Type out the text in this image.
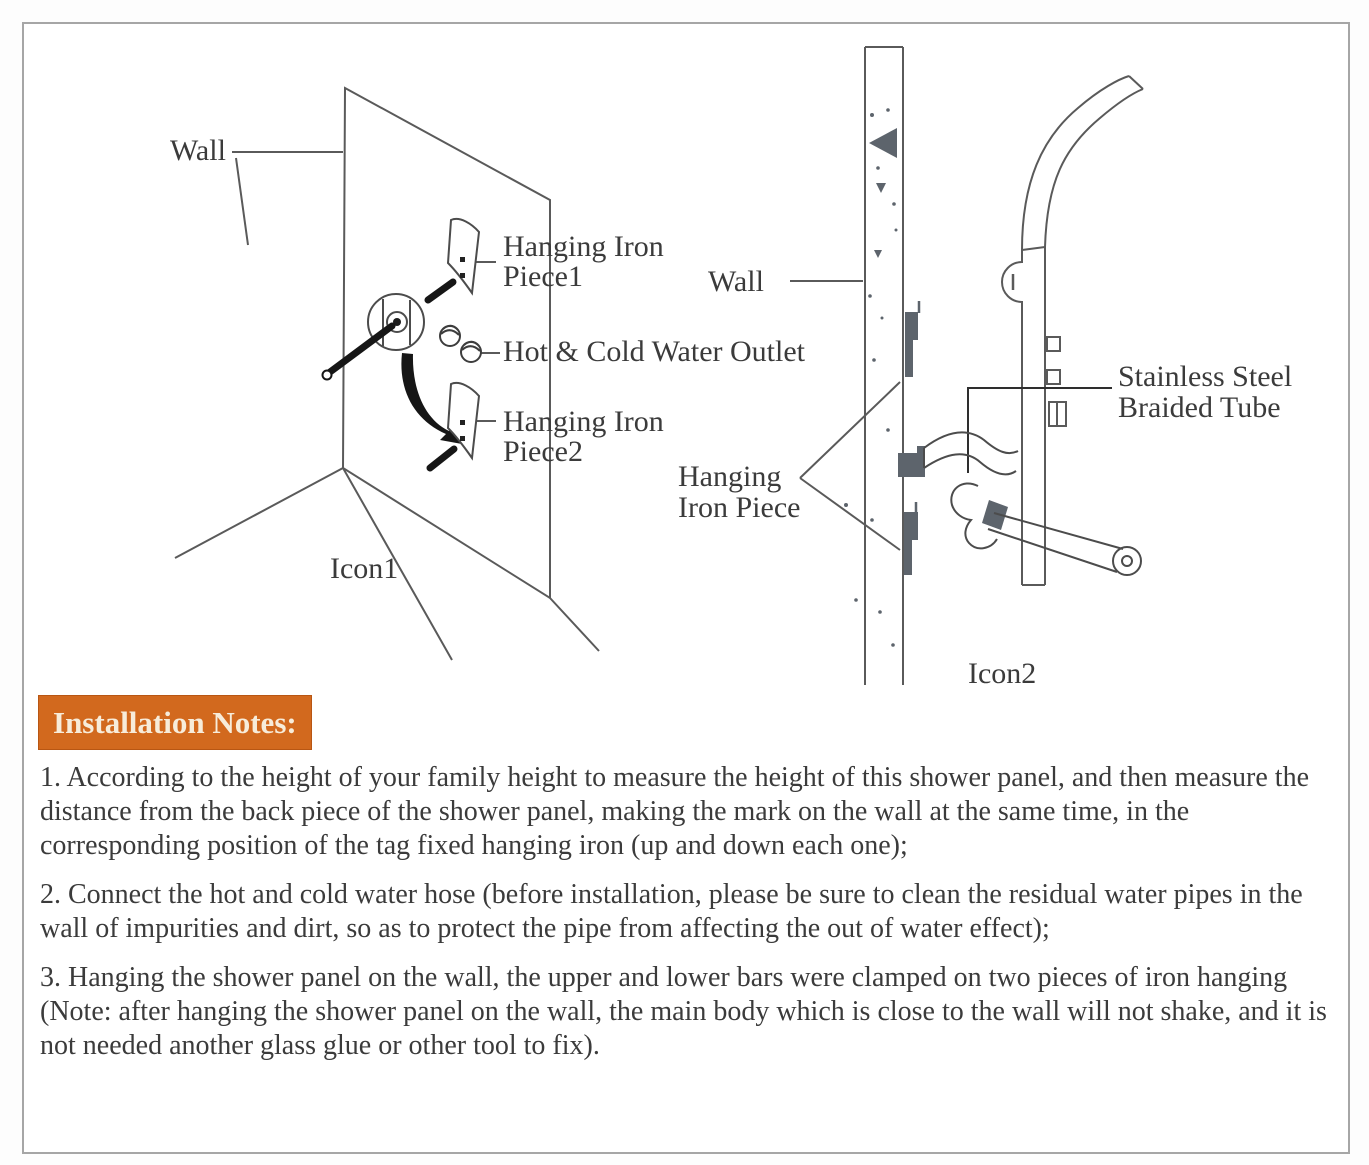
Wall
Hanging Iron
Piece1
Hot & Cold Water Outlet
Hanging Iron
Piece2
Icon1
Wall
Hanging
Iron Piece
Stainless Steel
Braided Tube
Icon2
Installation Notes:

1. According to the height of your family height to measure the height of this shower panel, and then measure the distance from the back piece of the shower panel, making the mark on the wall at the same time, in the corresponding position of the tag fixed hanging iron (up and down each one);

2. Connect the hot and cold water hose (before installation, please be sure to clean the residual water pipes in the wall of impurities and dirt, so as to protect the pipe from affecting the out of water effect);

3. Hanging the shower panel on the wall, the upper and lower bars were clamped on two pieces of iron hanging (Note: after hanging the shower panel on the wall, the main body which is close to the wall will not shake, and it is not needed another glass glue or other tool to fix).
